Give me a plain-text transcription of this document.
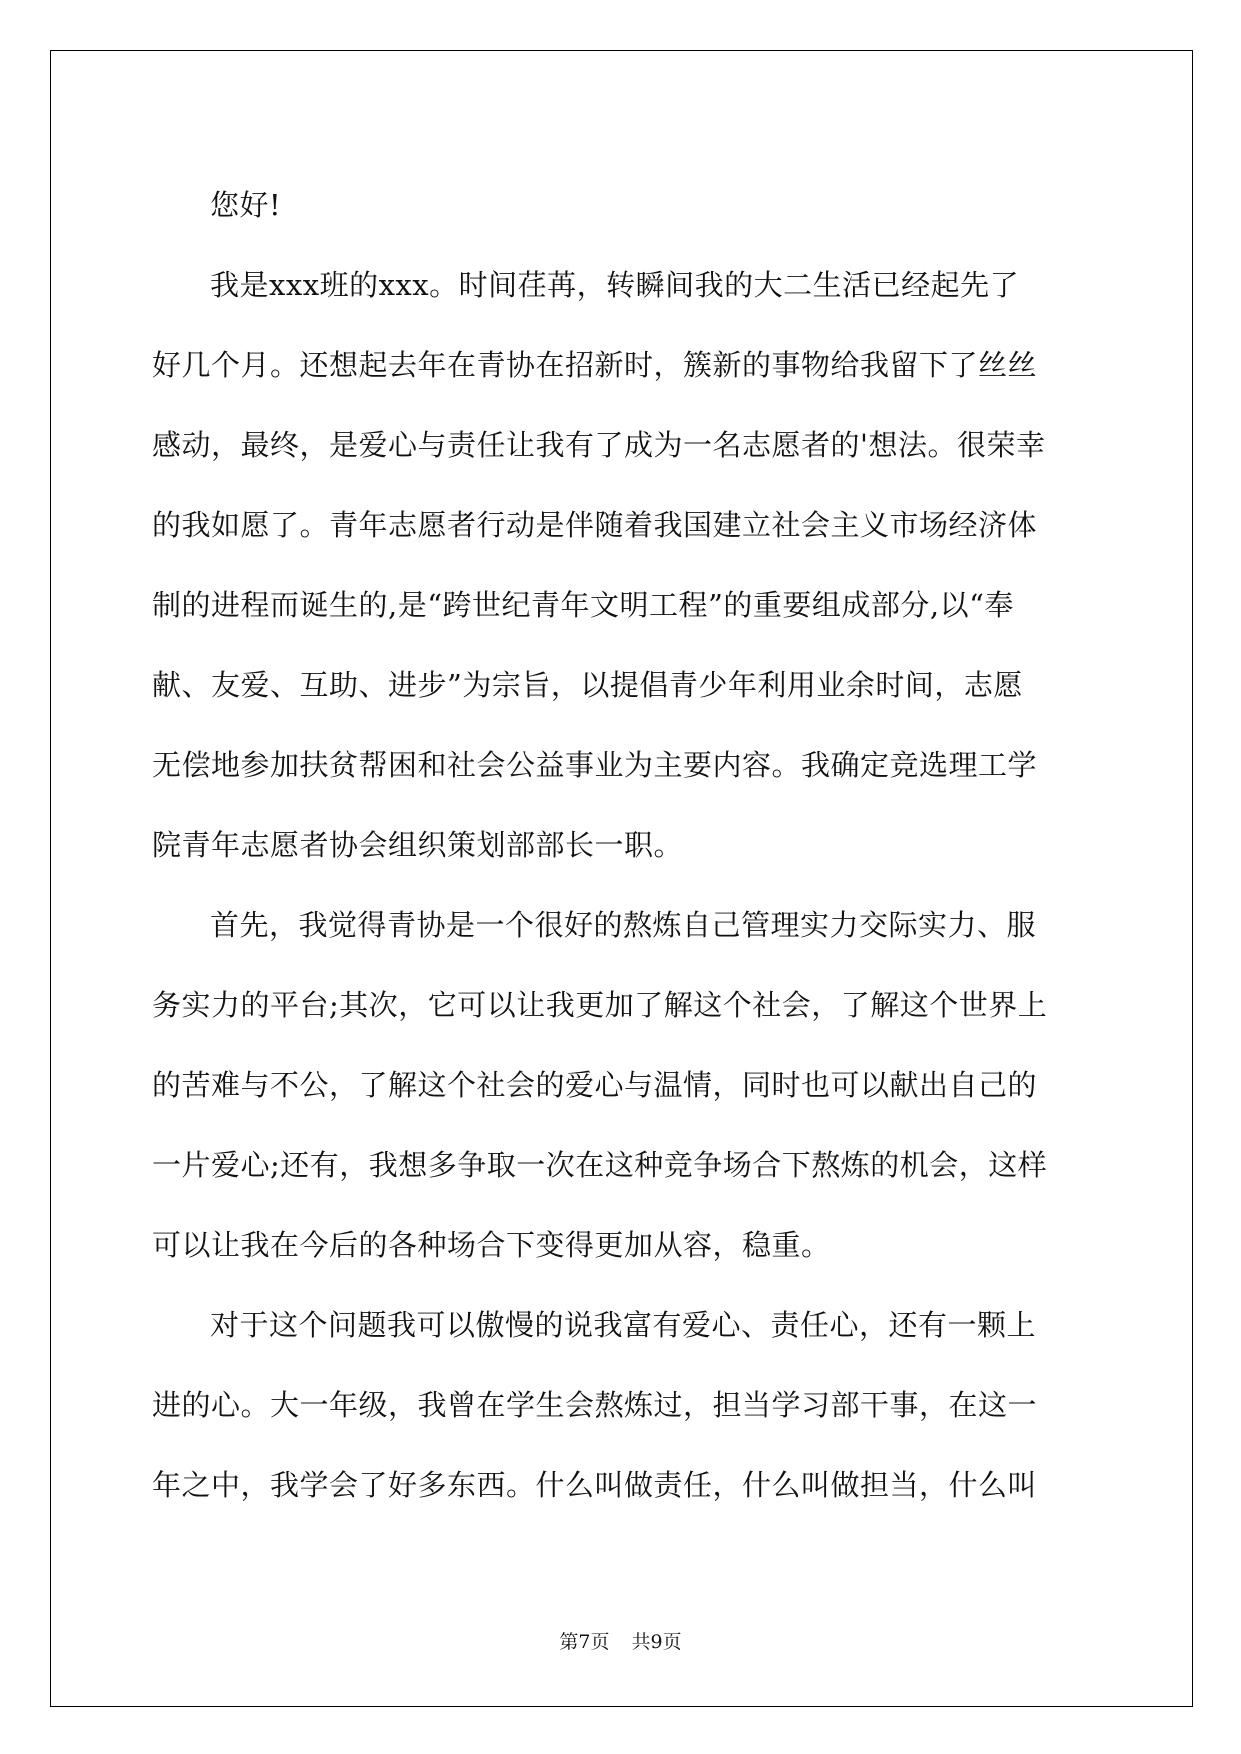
您好!

我是xxx班的xxx。时间荏苒，转瞬间我的大二生活已经起先了
好几个月。还想起去年在青协在招新时，簇新的事物给我留下了丝丝
感动，最终，是爱心与责任让我有了成为一名志愿者的'想法。很荣幸
的我如愿了。青年志愿者行动是伴随着我国建立社会主义市场经济体
制的进程而诞生的,是“跨世纪青年文明工程”的重要组成部分,以“奉
献、友爱、互助、进步”为宗旨，以提倡青少年利用业余时间，志愿
无偿地参加扶贫帮困和社会公益事业为主要内容。我确定竞选理工学
院青年志愿者协会组织策划部部长一职。

首先，我觉得青协是一个很好的熬炼自己管理实力交际实力、服
务实力的平台;其次，它可以让我更加了解这个社会，了解这个世界上
的苦难与不公，了解这个社会的爱心与温情，同时也可以献出自己的
一片爱心;还有，我想多争取一次在这种竞争场合下熬炼的机会，这样
可以让我在今后的各种场合下变得更加从容，稳重。

对于这个问题我可以傲慢的说我富有爱心、责任心，还有一颗上
进的心。大一年级，我曾在学生会熬炼过，担当学习部干事，在这一
年之中，我学会了好多东西。什么叫做责任，什么叫做担当，什么叫

第7页 共9页
